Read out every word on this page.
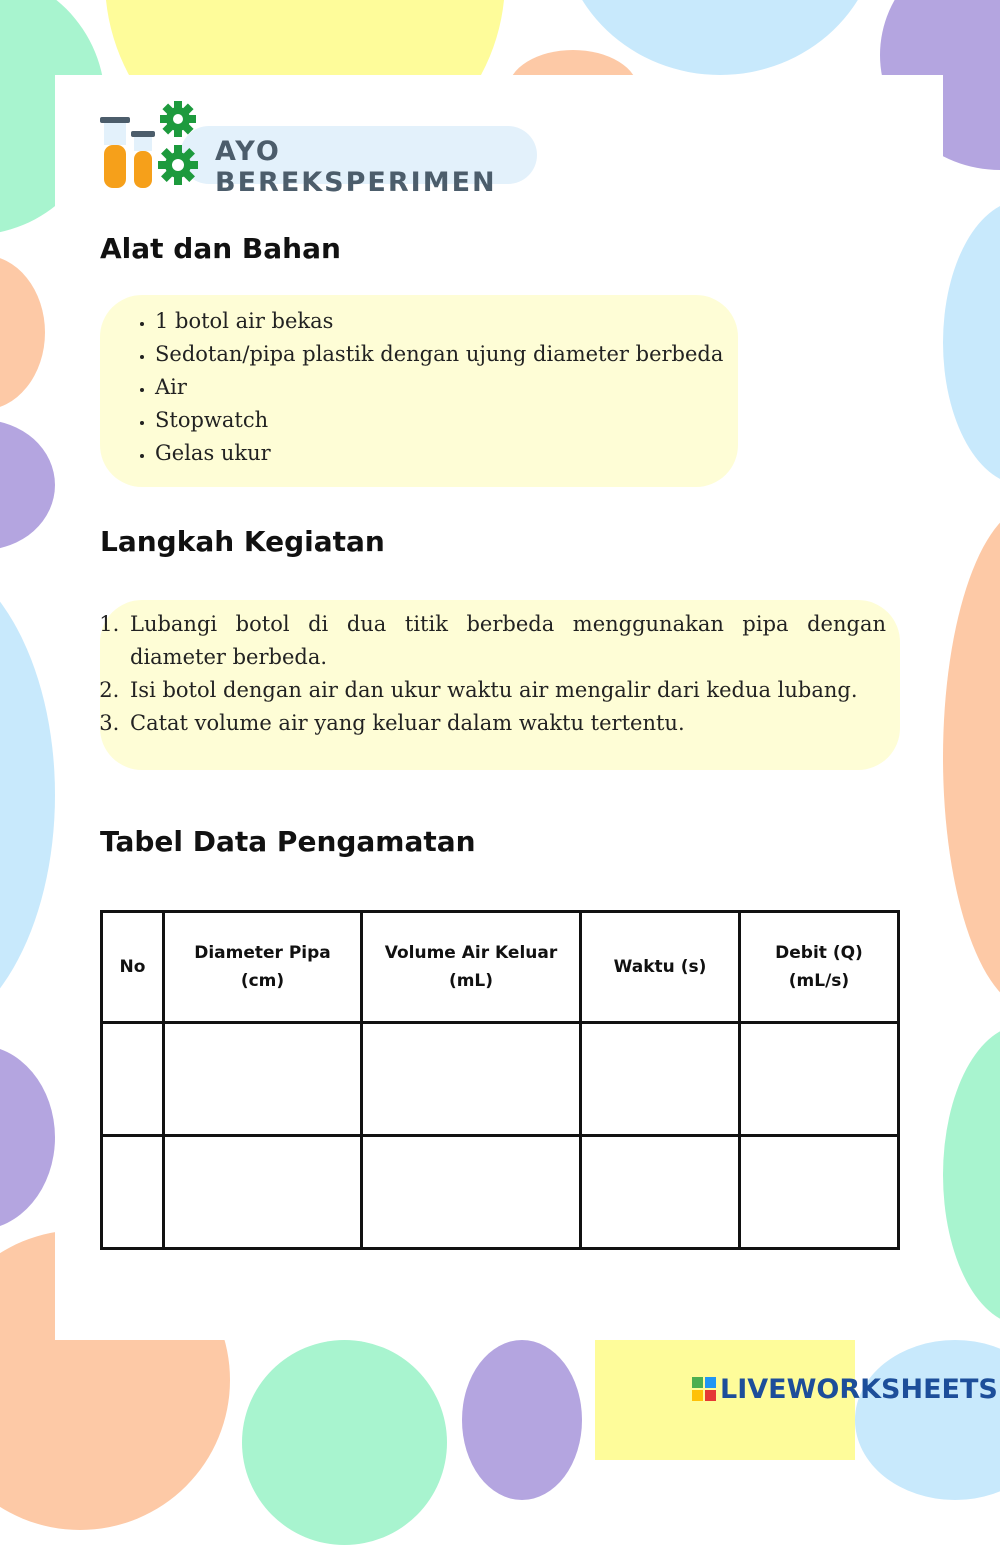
AYO BEREKSPERIMEN
Alat dan Bahan
• 1 botol air bekas
• Sedotan/pipa plastik dengan ujung diameter berbeda
• Air
• Stopwatch
• Gelas ukur
Langkah Kegiatan
1. Lubangi botol di dua titik berbeda menggunakan pipa dengan diameter berbeda.
2. Isi botol dengan air dan ukur waktu air mengalir dari kedua lubang.
3. Catat volume air yang keluar dalam waktu tertentu.
Tabel Data Pengamatan
No	Diameter Pipa (cm)	Volume Air Keluar (mL)	Waktu (s)	Debit (Q) (mL/s)

LIVEWORKSHEETS
